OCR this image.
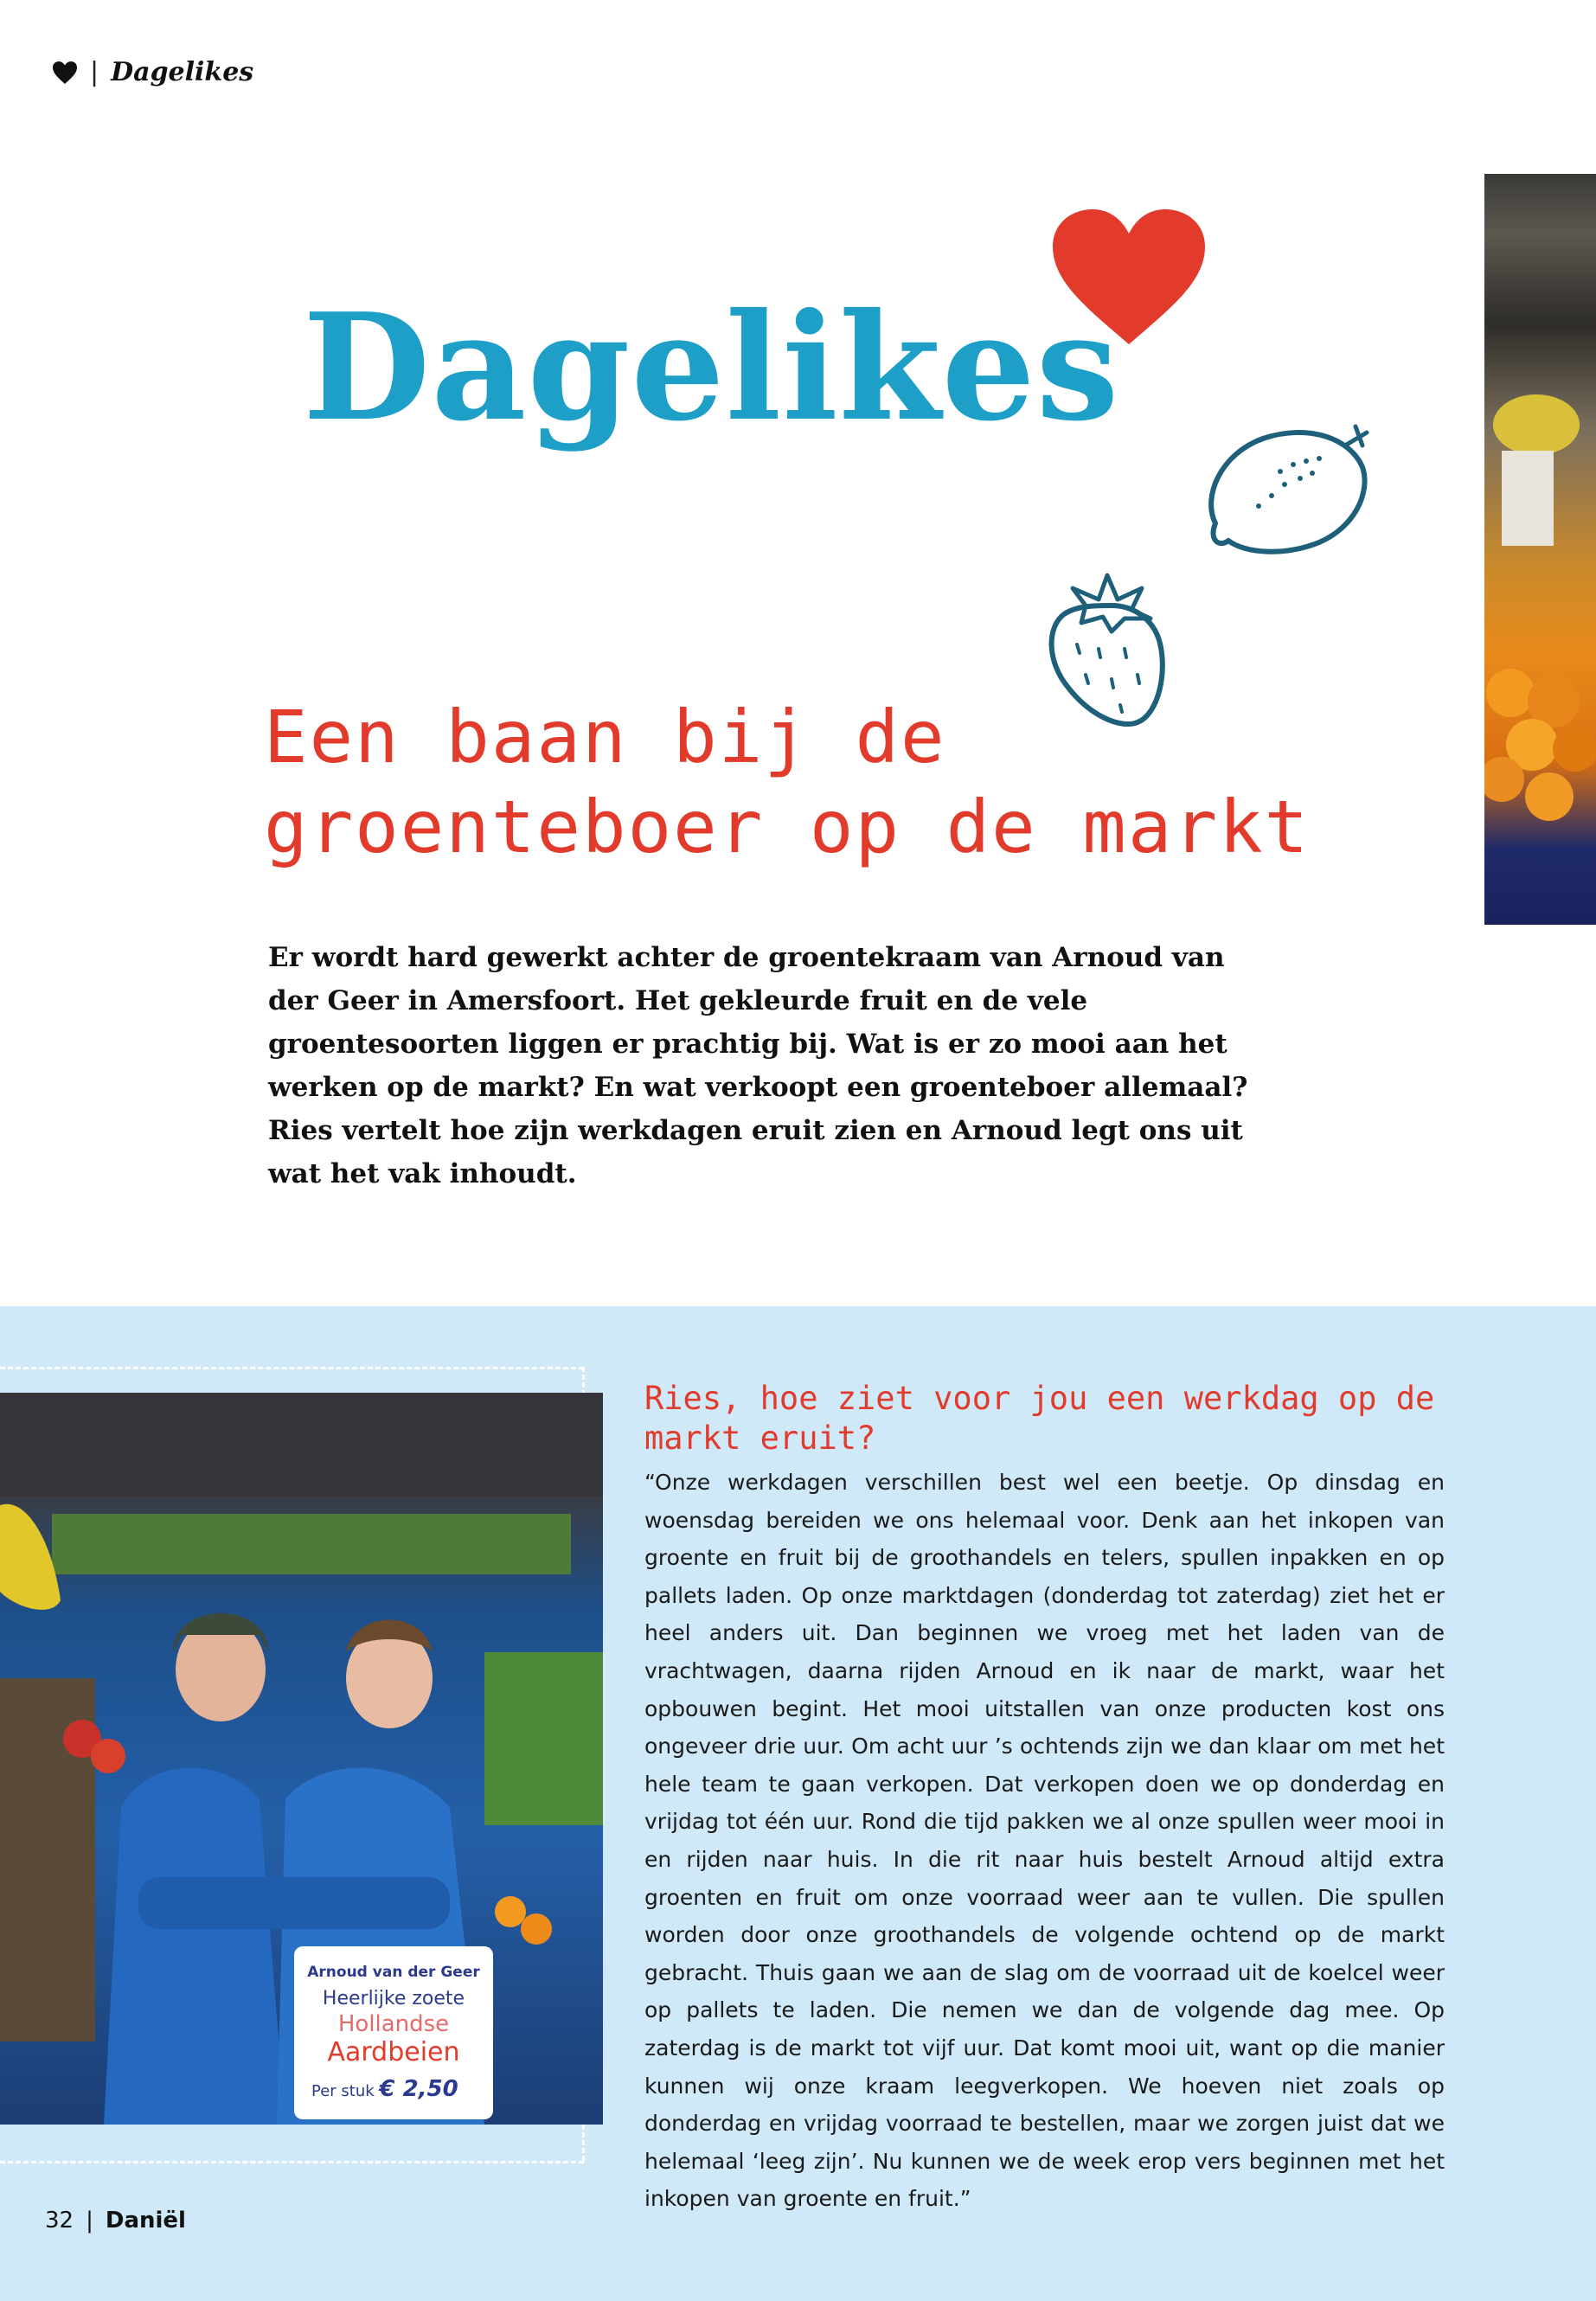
| Dagelikes
Dagelikes
Een baan bij de groenteboer op de markt
Er wordt hard gewerkt achter de groentekraam van Arnoud van der Geer in Amersfoort. Het gekleurde fruit en de vele groentesoorten liggen er prachtig bij. Wat is er zo mooi aan het werken op de markt? En wat verkoopt een groenteboer allemaal? Ries vertelt hoe zijn werkdagen eruit zien en Arnoud legt ons uit wat het vak inhoudt.
Arnoud van der Geer
Heerlijke zoete
Hollandse
Aardbeien
Per stuk € 2,50
Ries, hoe ziet voor jou een werkdag op de markt eruit?
“Onze werkdagen verschillen best wel een beetje. Op dinsdag en woensdag bereiden we ons helemaal voor. Denk aan het inkopen van groente en fruit bij de groothandels en telers, spullen inpakken en op pallets laden. Op onze marktdagen (donderdag tot zaterdag) ziet het er heel anders uit. Dan beginnen we vroeg met het laden van de vrachtwagen, daarna rijden Arnoud en ik naar de markt, waar het opbouwen begint. Het mooi uitstallen van onze producten kost ons ongeveer drie uur. Om acht uur ’s ochtends zijn we dan klaar om met het hele team te gaan verkopen. Dat verkopen doen we op donderdag en vrijdag tot één uur. Rond die tijd pakken we al onze spullen weer mooi in en rijden naar huis. In die rit naar huis bestelt Arnoud altijd extra groenten en fruit om onze voorraad weer aan te vullen. Die spullen worden door onze groothandels de volgende ochtend op de markt gebracht. Thuis gaan we aan de slag om de voorraad uit de koelcel weer op pallets te laden. Die nemen we dan de volgende dag mee. Op zaterdag is de markt tot vijf uur. Dat komt mooi uit, want op die manier kunnen wij onze kraam leegverkopen. We hoeven niet zoals op donderdag en vrijdag voorraad te bestellen, maar we zorgen juist dat we helemaal ‘leeg zijn’. Nu kunnen we de week erop vers beginnen met het inkopen van groente en fruit.”
32 | Daniël
